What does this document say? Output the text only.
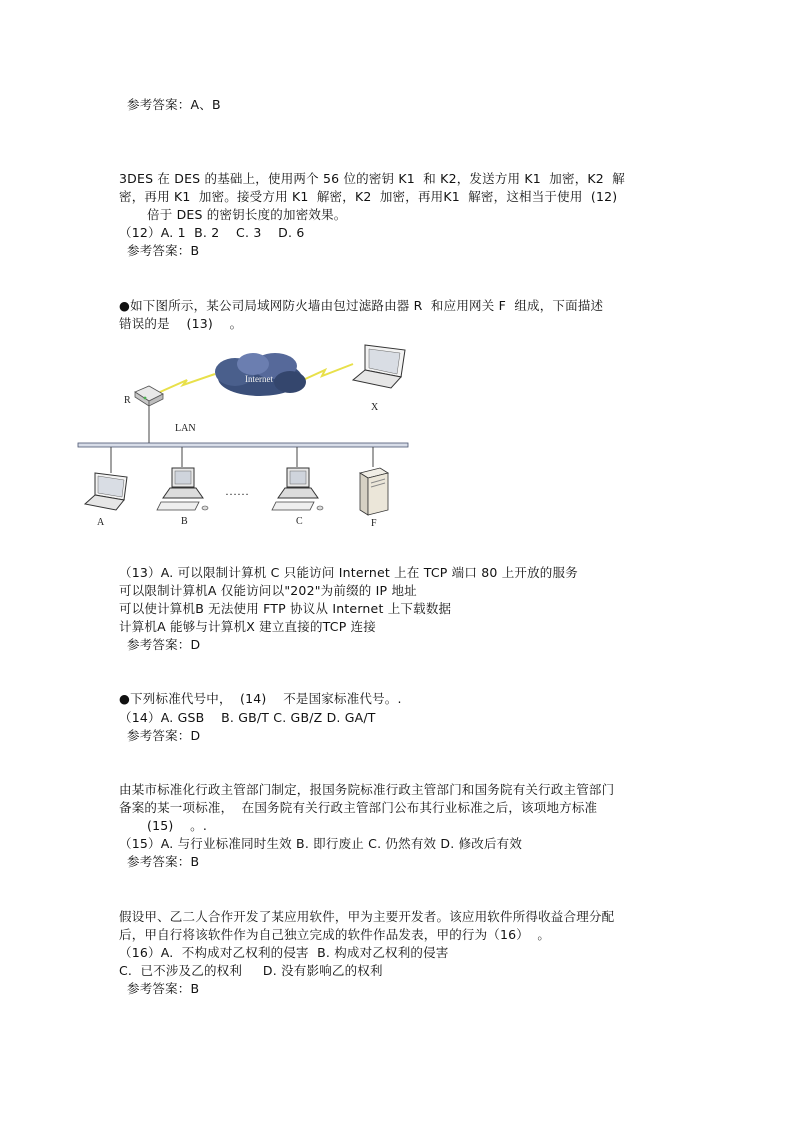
参考答案：A、B
3DES 在 DES 的基础上，使用两个 56 位的密钥 K1  和 K2，发送方用 K1  加密，K2  解
密，再用 K1  加密。接受方用 K1  解密，K2  加密，再用K1  解密，这相当于使用  (12)
倍于 DES 的密钥长度的加密效果。
（12）A. 1  B. 2    C. 3    D. 6
参考答案：B
●如下图所示，某公司局域网防火墙由包过滤路由器 R  和应用网关 F  组成，下面描述
错误的是    (13)    。
Internet
R
LAN
X
A	B
……
C	F
（13）A. 可以限制计算机 C 只能访问 Internet 上在 TCP 端口 80 上开放的服务
可以限制计算机A 仅能访问以"202"为前缀的 IP 地址
可以使计算机B 无法使用 FTP 协议从 Internet 上下载数据
计算机A 能够与计算机X 建立直接的TCP 连接
参考答案：D
●下列标准代号中，  (14)    不是国家标准代号。.
（14）A. GSB    B. GB/T C. GB/Z D. GA/T
参考答案：D
由某市标准化行政主管部门制定，报国务院标准行政主管部门和国务院有关行政主管部门
备案的某一项标准，  在国务院有关行政主管部门公布其行业标准之后，该项地方标准
(15)    。.
（15）A. 与行业标准同时生效 B. 即行废止 C. 仍然有效 D. 修改后有效
参考答案：B
假设甲、乙二人合作开发了某应用软件，甲为主要开发者。该应用软件所得收益合理分配
后，甲自行将该软件作为自己独立完成的软件作品发表，甲的行为（16）  。
（16）A.  不构成对乙权利的侵害  B. 构成对乙权利的侵害
C.  已不涉及乙的权利     D. 没有影响乙的权利
参考答案：B
